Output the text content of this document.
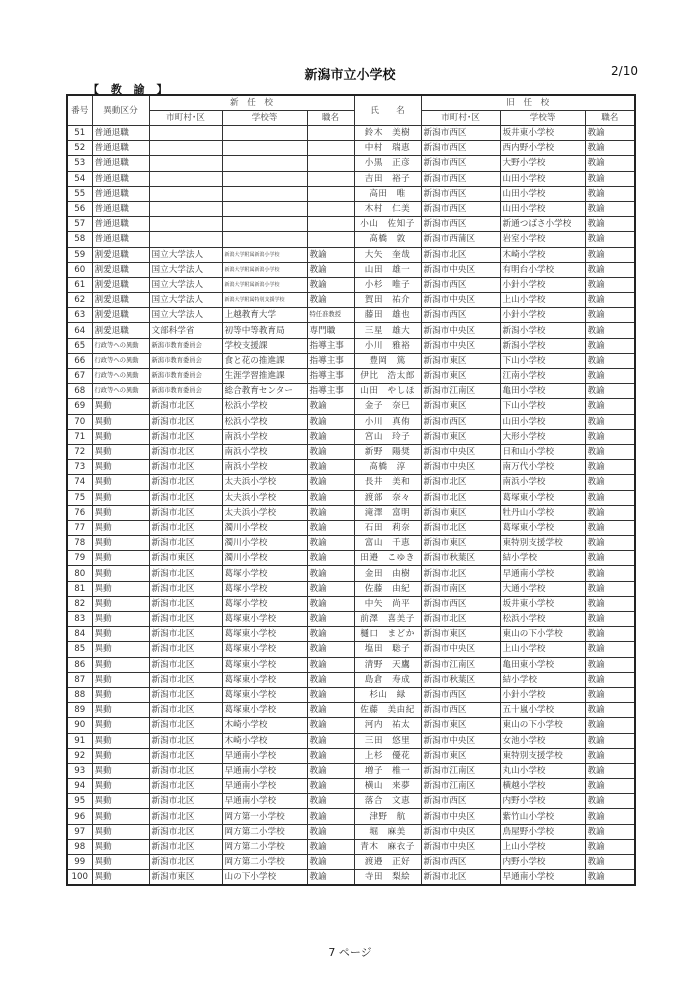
新潟市立小学校	2/10
【 教 諭 】
番号	異動区分	新　任　校			氏　　名	旧　任　校		
		市町村･区	学校等	職名		市町村･区	学校等	職名
51	普通退職				鈴木　美樹	新潟市西区	坂井東小学校	教諭
52	普通退職				中村　瑞恵	新潟市西区	西内野小学校	教諭
53	普通退職				小黒　正彦	新潟市西区	大野小学校	教諭
54	普通退職				吉田　裕子	新潟市西区	山田小学校	教諭
55	普通退職				高田　唯	新潟市西区	山田小学校	教諭
56	普通退職				木村　仁美	新潟市西区	山田小学校	教諭
57	普通退職				小山　佐知子	新潟市西区	新通つばさ小学校	教諭
58	普通退職				髙橋　敦	新潟市西蒲区	岩室小学校	教諭
59	割愛退職	国立大学法人	新潟大学附属新潟小学校	教諭	大矢　奎哉	新潟市北区	木崎小学校	教諭
60	割愛退職	国立大学法人	新潟大学附属新潟小学校	教諭	山田　雄一	新潟市中央区	有明台小学校	教諭
61	割愛退職	国立大学法人	新潟大学附属新潟小学校	教諭	小杉　唯子	新潟市西区	小針小学校	教諭
62	割愛退職	国立大学法人	新潟大学附属特別支援学校	教諭	賀田　祐介	新潟市中央区	上山小学校	教諭
63	割愛退職	国立大学法人	上越教育大学	特任准教授	藤田　雄也	新潟市西区	小針小学校	教諭
64	割愛退職	文部科学省	初等中等教育局	専門職	三星　雄大	新潟市中央区	新潟小学校	教諭
65	行政等への異動	新潟市教育委員会	学校支援課	指導主事	小川　雅裕	新潟市中央区	新潟小学校	教諭
66	行政等への異動	新潟市教育委員会	食と花の推進課	指導主事	豊岡　篤	新潟市東区	下山小学校	教諭
67	行政等への異動	新潟市教育委員会	生涯学習推進課	指導主事	伊比　浩太郎	新潟市東区	江南小学校	教諭
68	行政等への異動	新潟市教育委員会	総合教育センター	指導主事	山田　やしほ	新潟市江南区	亀田小学校	教諭
69	異動	新潟市北区	松浜小学校	教諭	金子　奈巳	新潟市東区	下山小学校	教諭
70	異動	新潟市北区	松浜小学校	教諭	小川　真侑	新潟市西区	山田小学校	教諭
71	異動	新潟市北区	南浜小学校	教諭	宮山　玲子	新潟市東区	大形小学校	教諭
72	異動	新潟市北区	南浜小学校	教諭	新野　陽奨	新潟市中央区	日和山小学校	教諭
73	異動	新潟市北区	南浜小学校	教諭	髙橋　淳	新潟市中央区	南万代小学校	教諭
74	異動	新潟市北区	太夫浜小学校	教諭	長井　美和	新潟市北区	南浜小学校	教諭
75	異動	新潟市北区	太夫浜小学校	教諭	渡部　奈々	新潟市北区	葛塚東小学校	教諭
76	異動	新潟市北区	太夫浜小学校	教諭	滝澤　富明	新潟市東区	牡丹山小学校	教諭
77	異動	新潟市北区	濁川小学校	教諭	石田　莉奈	新潟市北区	葛塚東小学校	教諭
78	異動	新潟市北区	濁川小学校	教諭	富山　千恵	新潟市東区	東特別支援学校	教諭
79	異動	新潟市東区	濁川小学校	教諭	田邉　こゆき	新潟市秋葉区	結小学校	教諭
80	異動	新潟市北区	葛塚小学校	教諭	金田　由樹	新潟市北区	早通南小学校	教諭
81	異動	新潟市北区	葛塚小学校	教諭	佐藤　由紀	新潟市南区	大通小学校	教諭
82	異動	新潟市北区	葛塚小学校	教諭	中矢　尚平	新潟市西区	坂井東小学校	教諭
83	異動	新潟市北区	葛塚東小学校	教諭	前澤　喜美子	新潟市北区	松浜小学校	教諭
84	異動	新潟市北区	葛塚東小学校	教諭	樋口　まどか	新潟市東区	東山の下小学校	教諭
85	異動	新潟市北区	葛塚東小学校	教諭	塩田　聡子	新潟市中央区	上山小学校	教諭
86	異動	新潟市北区	葛塚東小学校	教諭	清野　天鷹	新潟市江南区	亀田東小学校	教諭
87	異動	新潟市北区	葛塚東小学校	教諭	島倉　寿成	新潟市秋葉区	結小学校	教諭
88	異動	新潟市北区	葛塚東小学校	教諭	杉山　緑	新潟市西区	小針小学校	教諭
89	異動	新潟市北区	葛塚東小学校	教諭	佐藤　美由紀	新潟市西区	五十嵐小学校	教諭
90	異動	新潟市北区	木崎小学校	教諭	河内　祐太	新潟市東区	東山の下小学校	教諭
91	異動	新潟市北区	木崎小学校	教諭	三田　悠里	新潟市中央区	女池小学校	教諭
92	異動	新潟市北区	早通南小学校	教諭	上杉　優花	新潟市東区	東特別支援学校	教諭
93	異動	新潟市北区	早通南小学校	教諭	増子　椎一	新潟市江南区	丸山小学校	教諭
94	異動	新潟市北区	早通南小学校	教諭	横山　来夢	新潟市江南区	横越小学校	教諭
95	異動	新潟市北区	早通南小学校	教諭	落合　文恵	新潟市西区	内野小学校	教諭
96	異動	新潟市北区	岡方第一小学校	教諭	津野　航	新潟市中央区	紫竹山小学校	教諭
97	異動	新潟市北区	岡方第二小学校	教諭	堀　麻美	新潟市中央区	鳥屋野小学校	教諭
98	異動	新潟市北区	岡方第二小学校	教諭	青木　麻衣子	新潟市中央区	上山小学校	教諭
99	異動	新潟市北区	岡方第二小学校	教諭	渡邉　正好	新潟市西区	内野小学校	教諭
100	異動	新潟市東区	山の下小学校	教諭	寺田　梨絵	新潟市北区	早通南小学校	教諭
7 ページ
